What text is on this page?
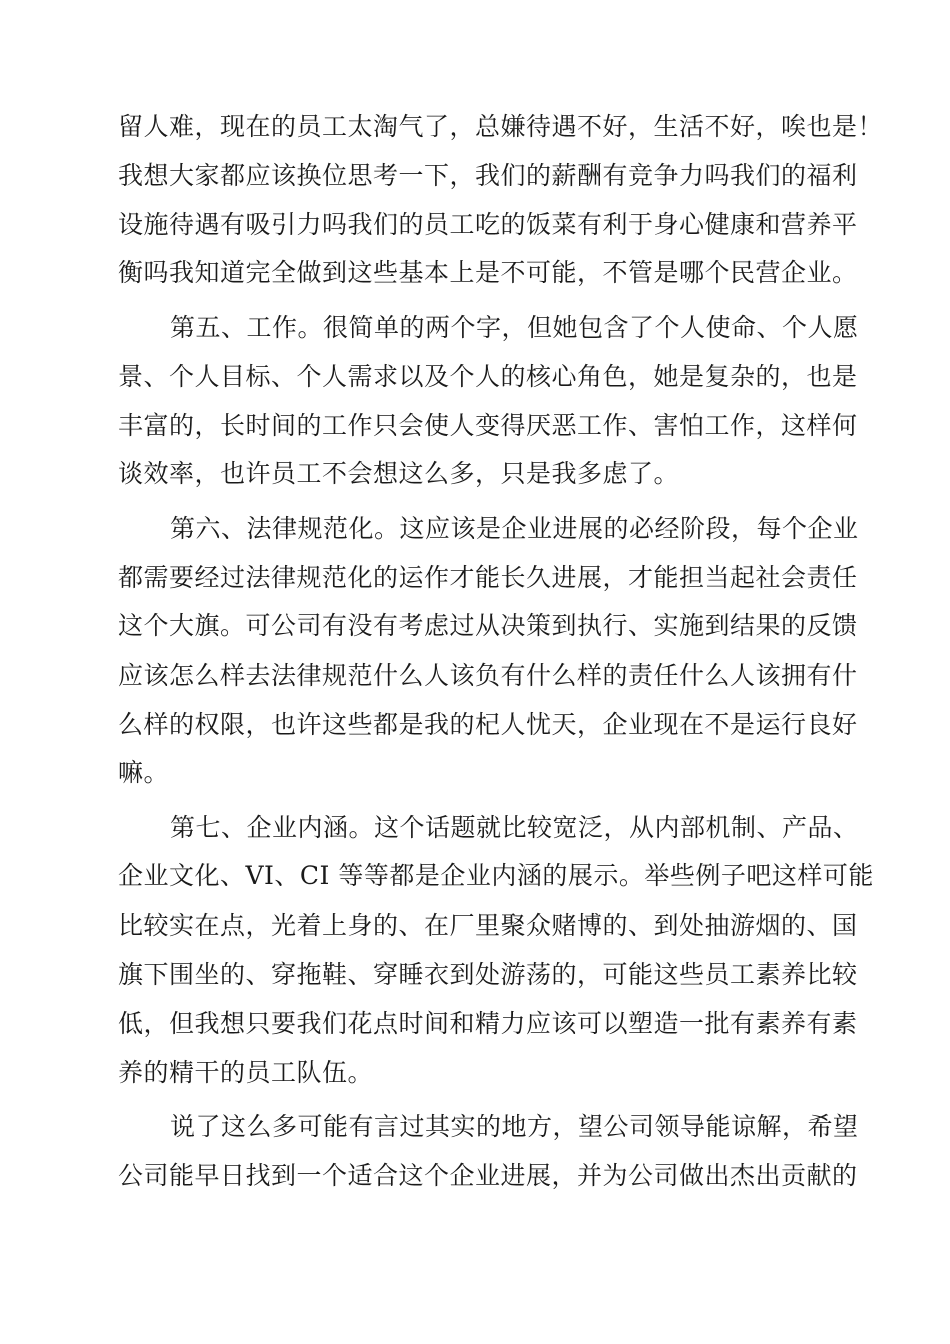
留人难，现在的员工太淘气了，总嫌待遇不好，生活不好，唉也是！
我想大家都应该换位思考一下，我们的薪酬有竞争力吗我们的福利
设施待遇有吸引力吗我们的员工吃的饭菜有利于身心健康和营养平
衡吗我知道完全做到这些基本上是不可能，不管是哪个民营企业。
第五、工作。很简单的两个字，但她包含了个人使命、个人愿
景、个人目标、个人需求以及个人的核心角色，她是复杂的，也是
丰富的，长时间的工作只会使人变得厌恶工作、害怕工作，这样何
谈效率，也许员工不会想这么多，只是我多虑了。
第六、法律规范化。这应该是企业进展的必经阶段，每个企业
都需要经过法律规范化的运作才能长久进展，才能担当起社会责任
这个大旗。可公司有没有考虑过从决策到执行、实施到结果的反馈
应该怎么样去法律规范什么人该负有什么样的责任什么人该拥有什
么样的权限，也许这些都是我的杞人忧天，企业现在不是运行良好
嘛。
第七、企业内涵。这个话题就比较宽泛，从内部机制、产品、
企业文化、VI、CI 等等都是企业内涵的展示。举些例子吧这样可能
比较实在点，光着上身的、在厂里聚众赌博的、到处抽游烟的、国
旗下围坐的、穿拖鞋、穿睡衣到处游荡的，可能这些员工素养比较
低，但我想只要我们花点时间和精力应该可以塑造一批有素养有素
养的精干的员工队伍。
说了这么多可能有言过其实的地方，望公司领导能谅解，希望
公司能早日找到一个适合这个企业进展，并为公司做出杰出贡献的
